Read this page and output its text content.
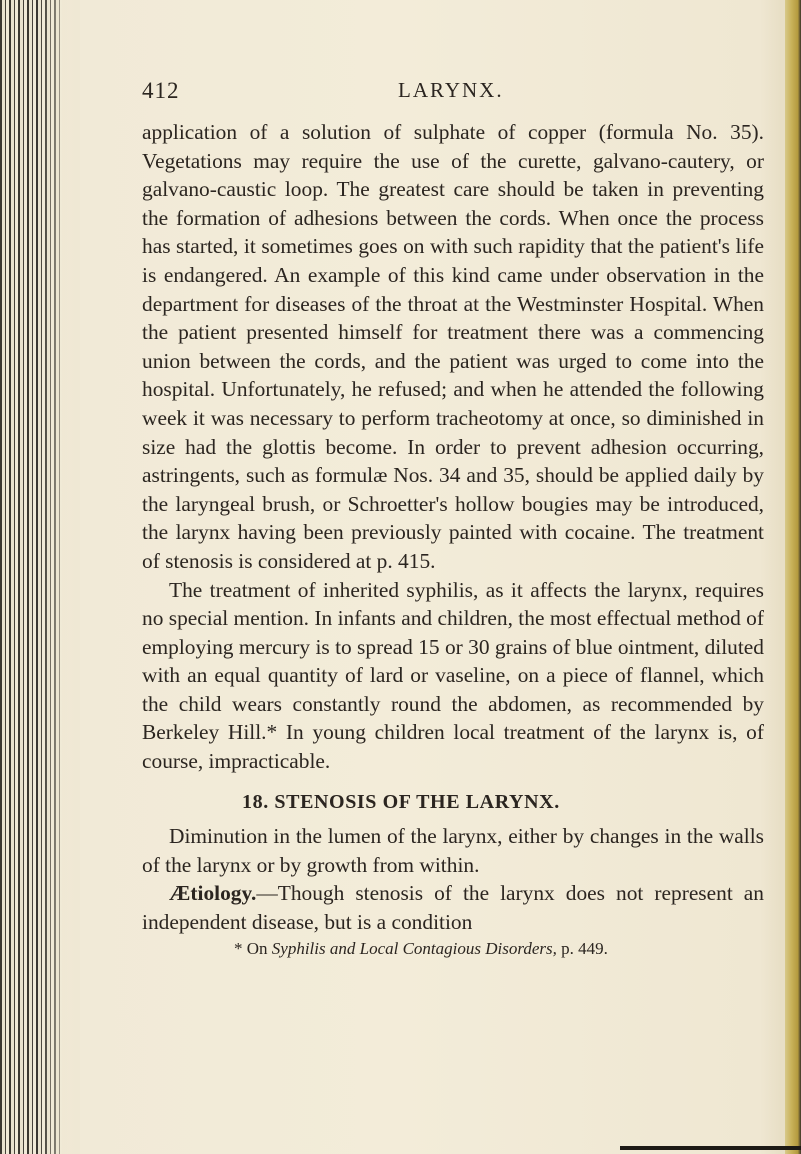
412	LARYNX.

application of a solution of sulphate of copper (formula No. 35). Vegetations may require the use of the curette, galvano-cautery, or galvano-caustic loop. The greatest care should be taken in preventing the formation of adhesions between the cords. When once the process has started, it sometimes goes on with such rapidity that the patient's life is endangered. An example of this kind came under observation in the department for diseases of the throat at the Westminster Hospital. When the patient presented himself for treatment there was a commencing union between the cords, and the patient was urged to come into the hospital. Unfortunately, he refused; and when he attended the following week it was necessary to perform tracheotomy at once, so diminished in size had the glottis become. In order to prevent adhesion occurring, astringents, such as formulæ Nos. 34 and 35, should be applied daily by the laryngeal brush, or Schroetter's hollow bougies may be introduced, the larynx having been previously painted with cocaine. The treatment of stenosis is considered at p. 415.

The treatment of inherited syphilis, as it affects the larynx, requires no special mention. In infants and children, the most effectual method of employing mercury is to spread 15 or 30 grains of blue ointment, diluted with an equal quantity of lard or vaseline, on a piece of flannel, which the child wears constantly round the abdomen, as recommended by Berkeley Hill.* In young children local treatment of the larynx is, of course, impracticable.

18. STENOSIS OF THE LARYNX.

Diminution in the lumen of the larynx, either by changes in the walls of the larynx or by growth from within.

Ætiology.—Though stenosis of the larynx does not represent an independent disease, but is a condition

* On Syphilis and Local Contagious Disorders, p. 449.
